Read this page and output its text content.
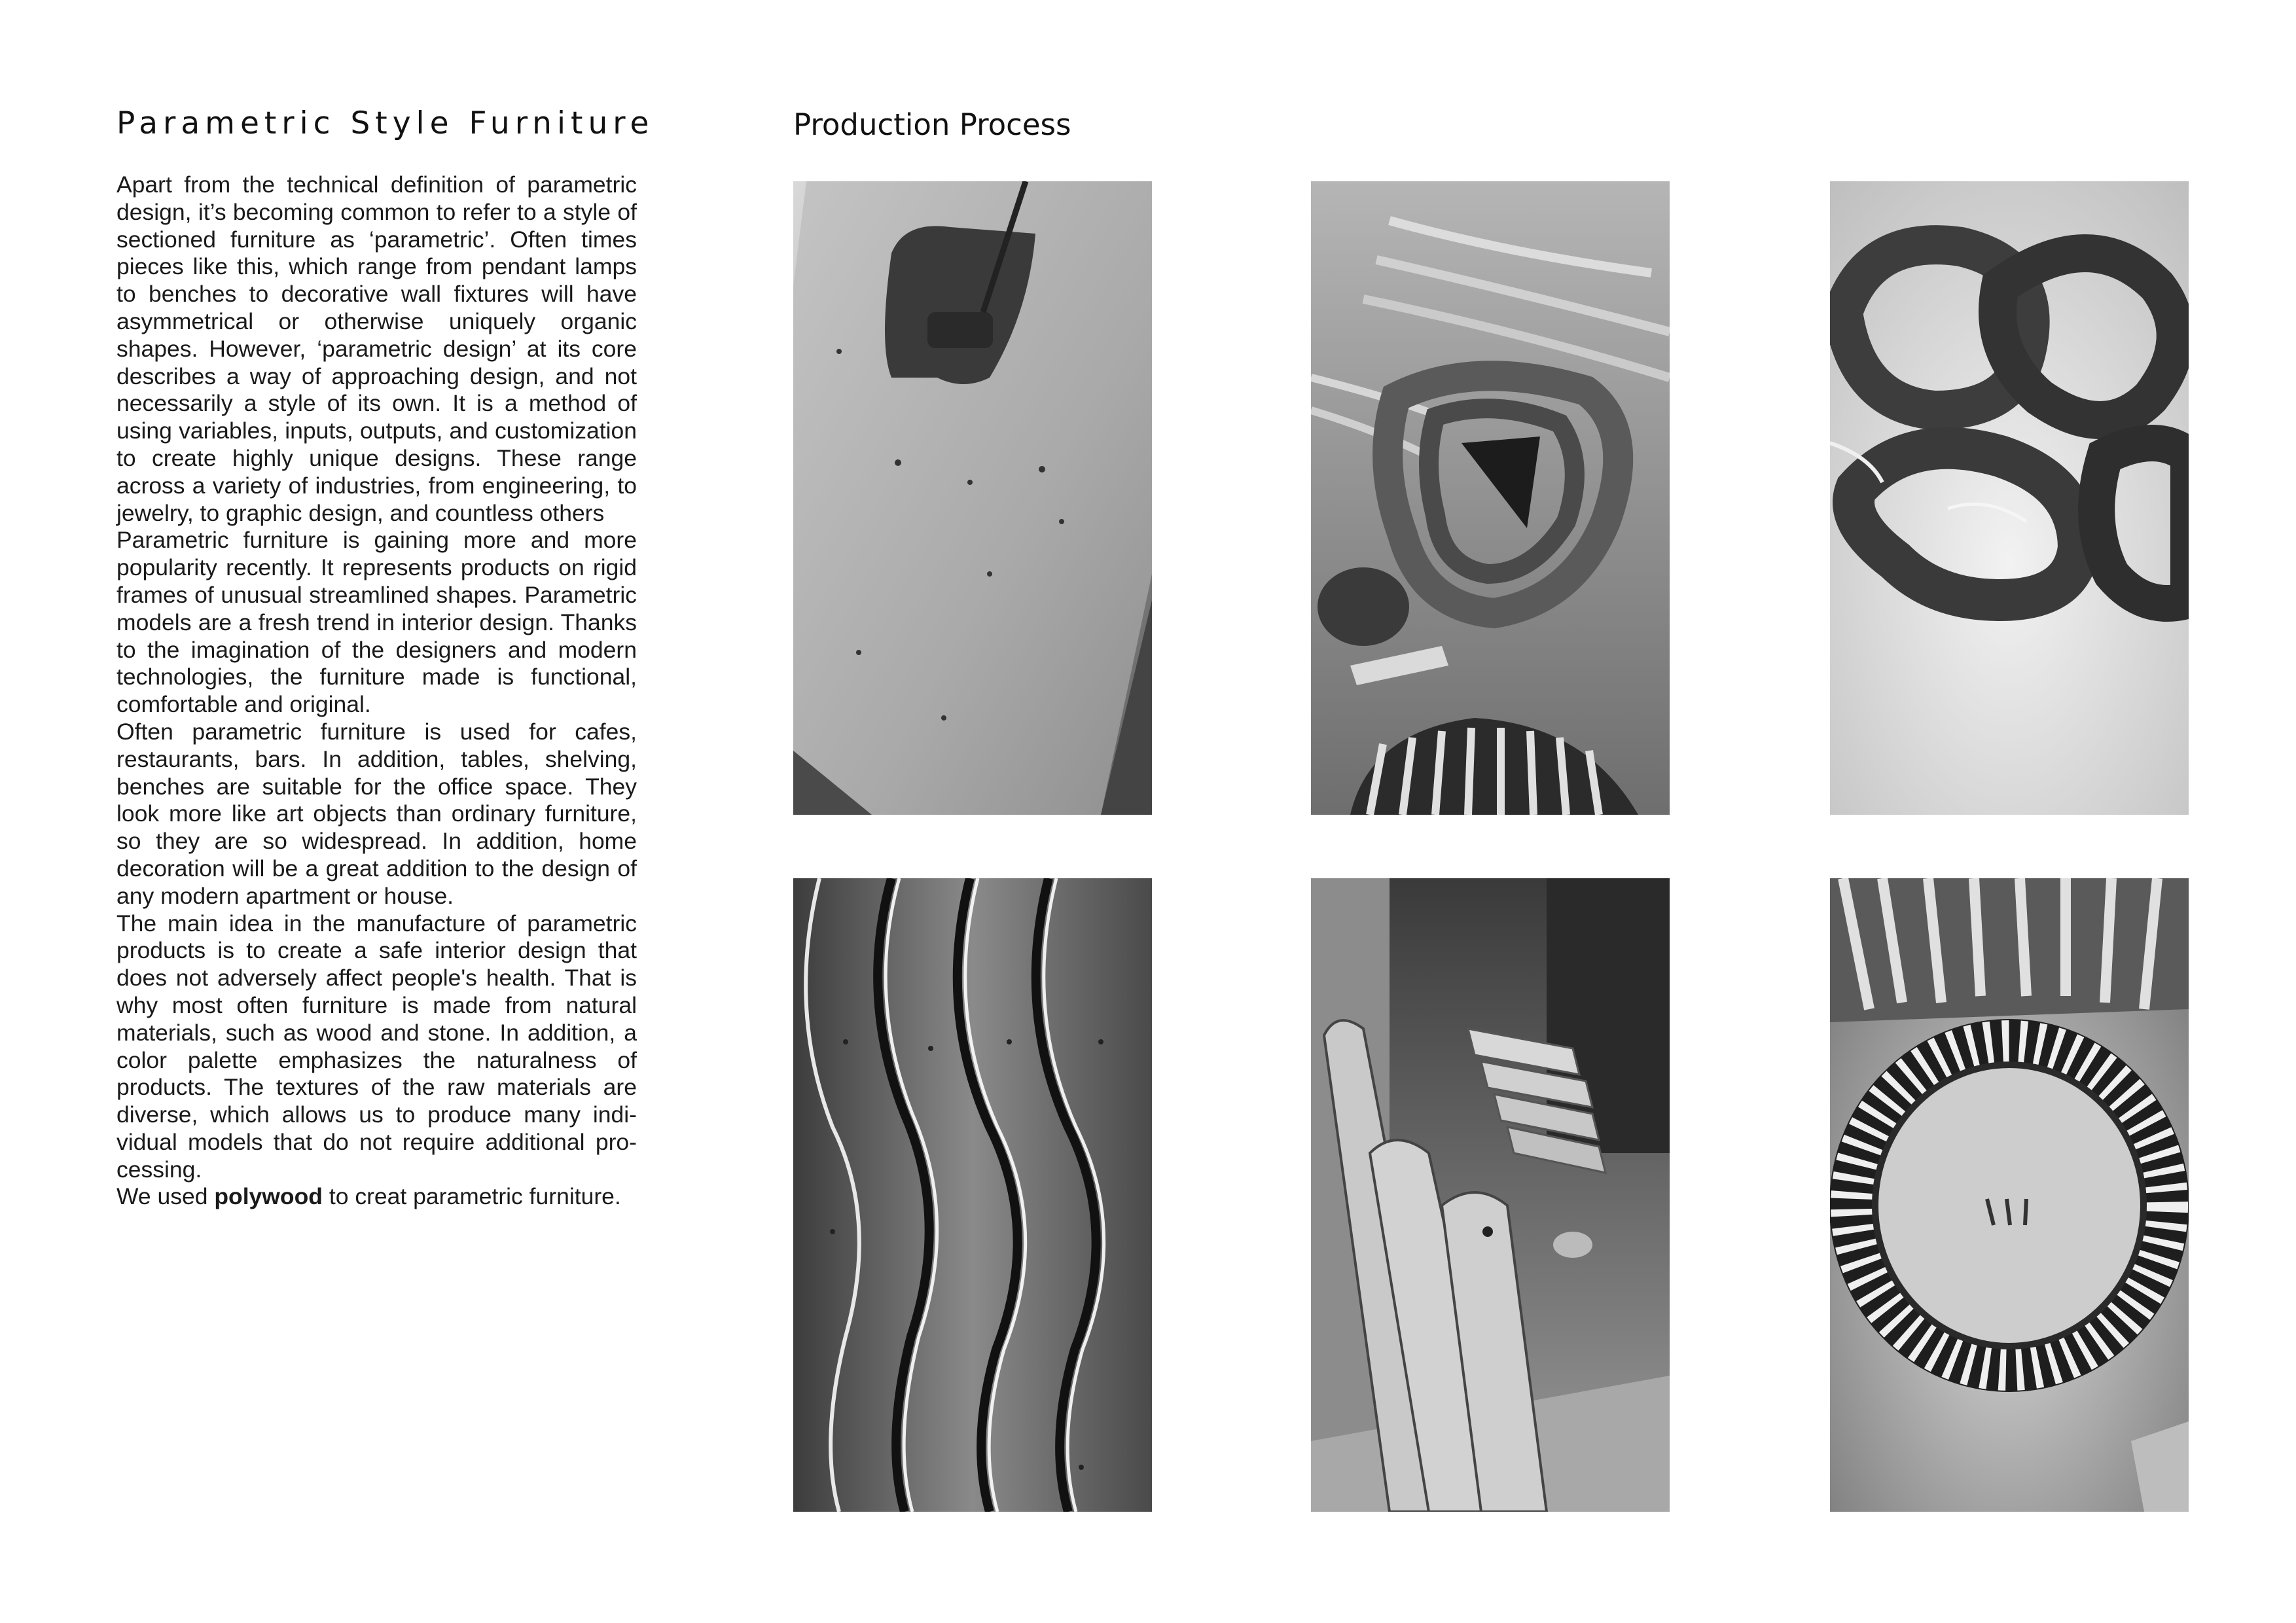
Parametric Style Furniture

Apart from the technical definition of parametric design, it’s becoming common to refer to a style of sectioned furniture as ‘parametric’. Often times pieces like this, which range from pendant lamps to benches to decorative wall fixtures will have asymmetrical or otherwise uniquely organic shapes. However, ‘parametric design’ at its core describes a way of approaching design, and not necessarily a style of its own. It is a method of using variables, inputs, outputs, and customization to create highly unique designs. These range across a variety of industries, from engineering, to jewelry, to graphic design, and countless others

Parametric furniture is gaining more and more popularity recently. It represents products on rigid frames of unusual streamlined shapes. Parametric models are a fresh trend in interior design. Thanks to the imagination of the designers and modern technologies, the furniture made is functional, comfortable and original.

Often parametric furniture is used for cafes, restaurants, bars. In addition, tables, shelving, benches are suitable for the office space. They look more like art objects than ordinary furniture, so they are so widespread. In addition, home decoration will be a great addition to the design of any modern apartment or house.

The main idea in the manufacture of parametric products is to create a safe interior design that does not adversely affect people's health. That is why most often furniture is made from natural materials, such as wood and stone. In addition, a color palette emphasizes the naturalness of products. The textures of the raw materials are diverse, which allows us to produce many individual models that do not require additional processing.

We used polywood to creat parametric furniture.

Production Process
